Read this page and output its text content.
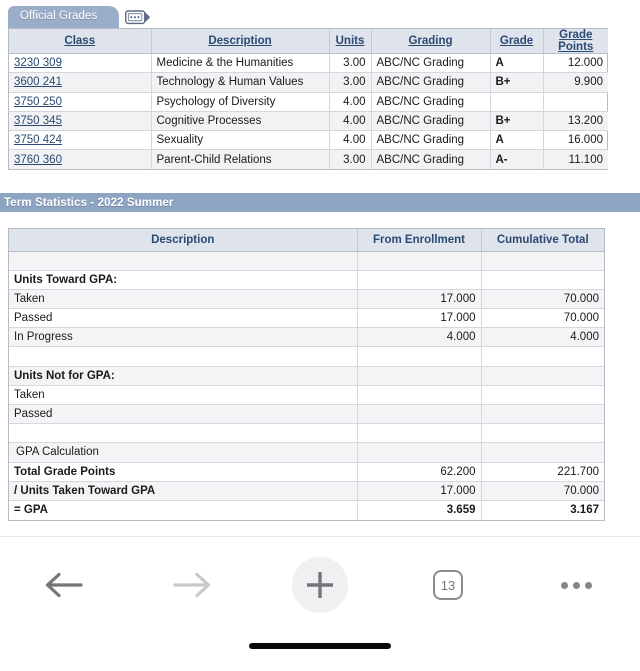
Official Grades
Class	Description	Units	Grading	Grade	Grade Points
3230 309	Medicine & the Humanities	3.00	ABC/NC Grading	A	12.000
3600 241	Technology & Human Values	3.00	ABC/NC Grading	B+	9.900
3750 250	Psychology of Diversity	4.00	ABC/NC Grading		
3750 345	Cognitive Processes	4.00	ABC/NC Grading	B+	13.200
3750 424	Sexuality	4.00	ABC/NC Grading	A	16.000
3760 360	Parent-Child Relations	3.00	ABC/NC Grading	A-	11.100
Term Statistics - 2022 Summer
Description	From Enrollment	Cumulative Total

Units Toward GPA:		
Taken	17.000	70.000
Passed	17.000	70.000
In Progress	4.000	4.000

Units Not for GPA:		
Taken		
Passed		

GPA Calculation		
Total Grade Points	62.200	221.700
/ Units Taken Toward GPA	17.000	70.000
= GPA	3.659	3.167
13
